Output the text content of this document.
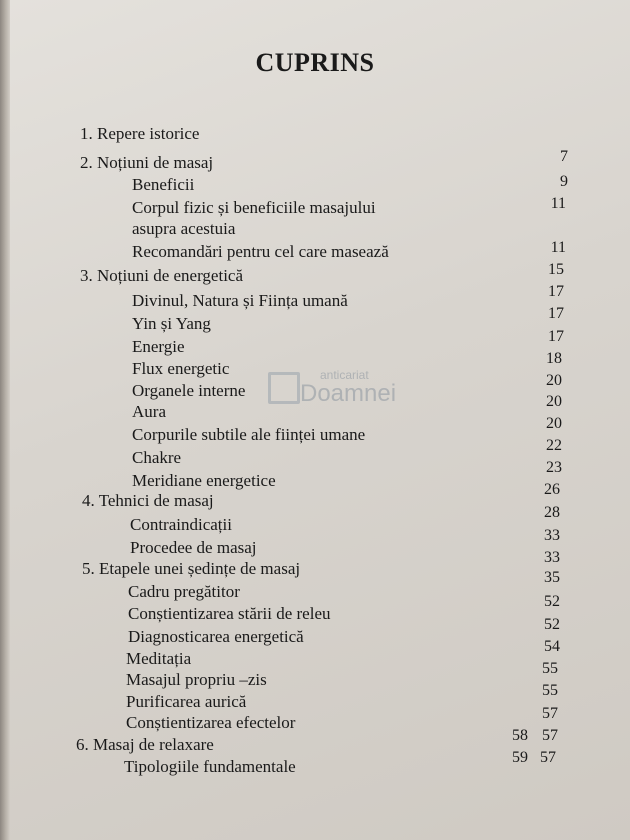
CUPRINS
anticariat
Doamnei
1. Repere istorice
2. Noțiuni de masaj
Beneficii
Corpul fizic și beneficiile masajului
asupra acestuia
Recomandări pentru cel care masează
3. Noțiuni de energetică
Divinul, Natura și Ființa umană
Yin și Yang
Energie
Flux energetic
Organele interne
Aura
Corpurile subtile ale ființei umane
Chakre
Meridiane energetice
4. Tehnici de masaj
Contraindicații
Procedee de masaj
5. Etapele unei ședințe de masaj
Cadru pregătitor
Conștientizarea stării de releu
Diagnosticarea energetică
Meditația
Masajul propriu –zis
Purificarea aurică
Conștientizarea efectelor
6. Masaj de relaxare
Tipologiile fundamentale
7
9
11
11
15
17
17
17
18
20
20
20
22
23
26
28
33
33
35
52
52
54
55
55
57
57
57
58
59
